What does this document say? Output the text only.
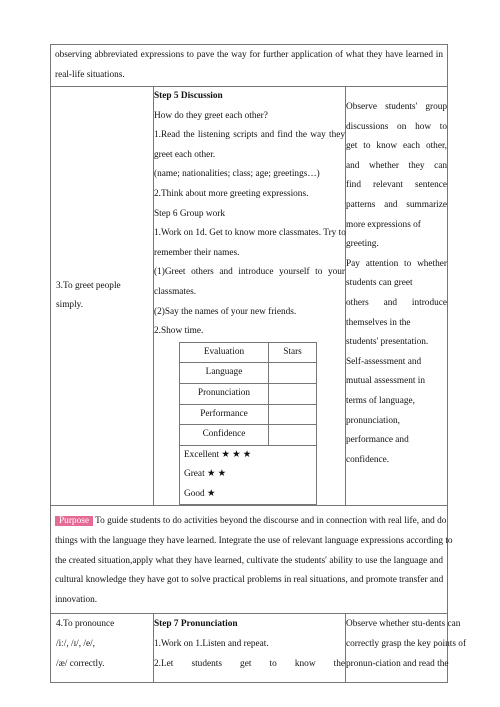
observing abbreviated expressions to pave the way for further application of what they have learned in
real-life situations.

3.To greet people
simply.

Step 5 Discussion
How do they greet each other?
1.Read the listening scripts and find the way they
greet each other.
(name; nationalities; class; age; greetings…)
2.Think about more greeting expressions.
Step 6 Group work
1.Work on 1d. Get to know more classmates. Try to
remember their names.
(1)Greet others and introduce yourself to your
classmates.
(2)Say the names of your new friends.
2.Show time.
Evaluation	Stars
Language	
Pronunciation	
Performance	
Confidence	
Excellent ★ ★ ★	
Great ★ ★
Good ★

Observe students' group
discussions on how to
get to know each other,
and whether they can
find relevant sentence
patterns and summarize
more expressions of
greeting.
Pay attention to whether
students can greet
others and introduce
themselves in the
students' presentation.
Self-assessment and
mutual assessment in
terms of language,
pronunciation,
performance and
confidence.

Purpose To guide students to do activities beyond the discourse and in connection with real life, and do
things with the language they have learned. Integrate the use of relevant language expressions according to
the created situation,apply what they have learned, cultivate the students' ability to use the language and
cultural knowledge they have got to solve practical problems in real situations, and promote transfer and
innovation.

4.To pronounce
/iː/, /ɪ/, /e/,
/æ/ correctly.

Step 7 Pronunciation
1.Work on 1.Listen and repeat.
2.Let students get to know the

Observe whether stu-dents can
correctly grasp the key points of
pronun-ciation and read the
